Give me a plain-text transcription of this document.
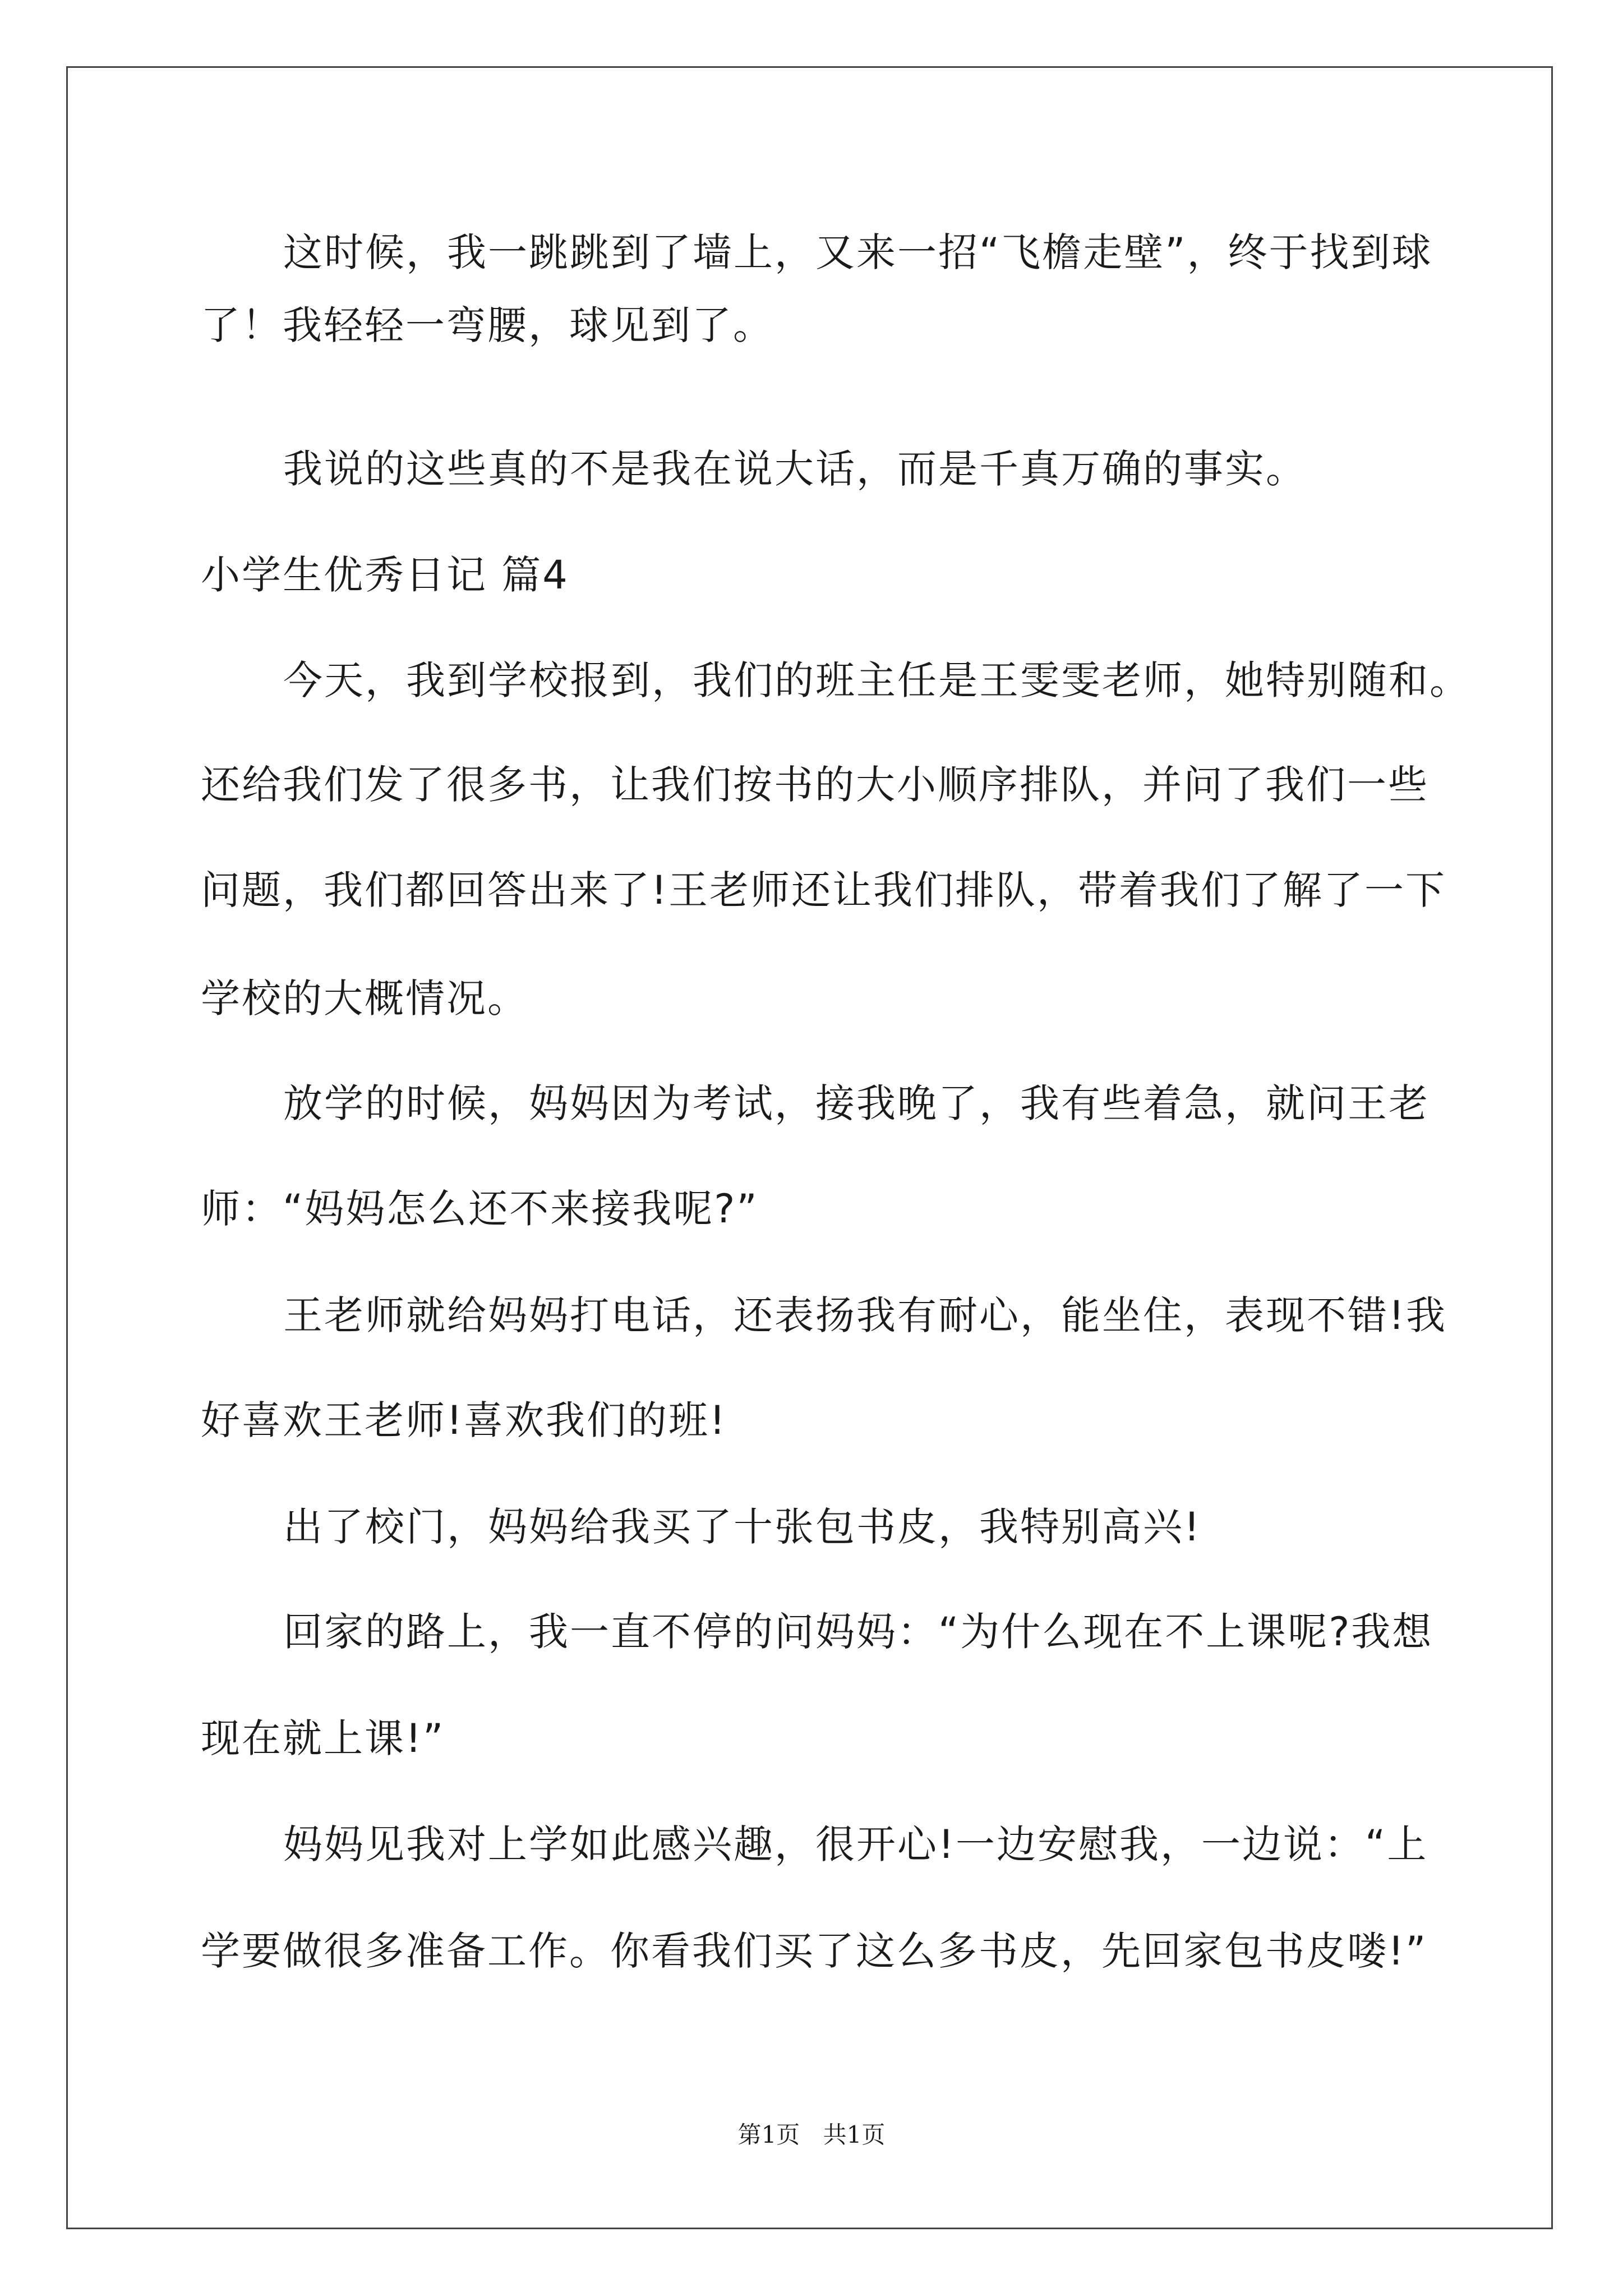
这时候，我一跳跳到了墙上，又来一招“飞檐走壁”，终于找到球
了！我轻轻一弯腰，球见到了。
我说的这些真的不是我在说大话，而是千真万确的事实。
小学生优秀日记 篇4
今天，我到学校报到，我们的班主任是王雯雯老师，她特别随和。
还给我们发了很多书，让我们按书的大小顺序排队，并问了我们一些
问题，我们都回答出来了!王老师还让我们排队，带着我们了解了一下
学校的大概情况。
放学的时候，妈妈因为考试，接我晚了，我有些着急，就问王老
师：“妈妈怎么还不来接我呢?”
王老师就给妈妈打电话，还表扬我有耐心，能坐住，表现不错!我
好喜欢王老师!喜欢我们的班!
出了校门，妈妈给我买了十张包书皮，我特别高兴!
回家的路上，我一直不停的问妈妈：“为什么现在不上课呢?我想
现在就上课!”
妈妈见我对上学如此感兴趣，很开心!一边安慰我，一边说：“上
学要做很多准备工作。你看我们买了这么多书皮，先回家包书皮喽!”
第1页 共1页
